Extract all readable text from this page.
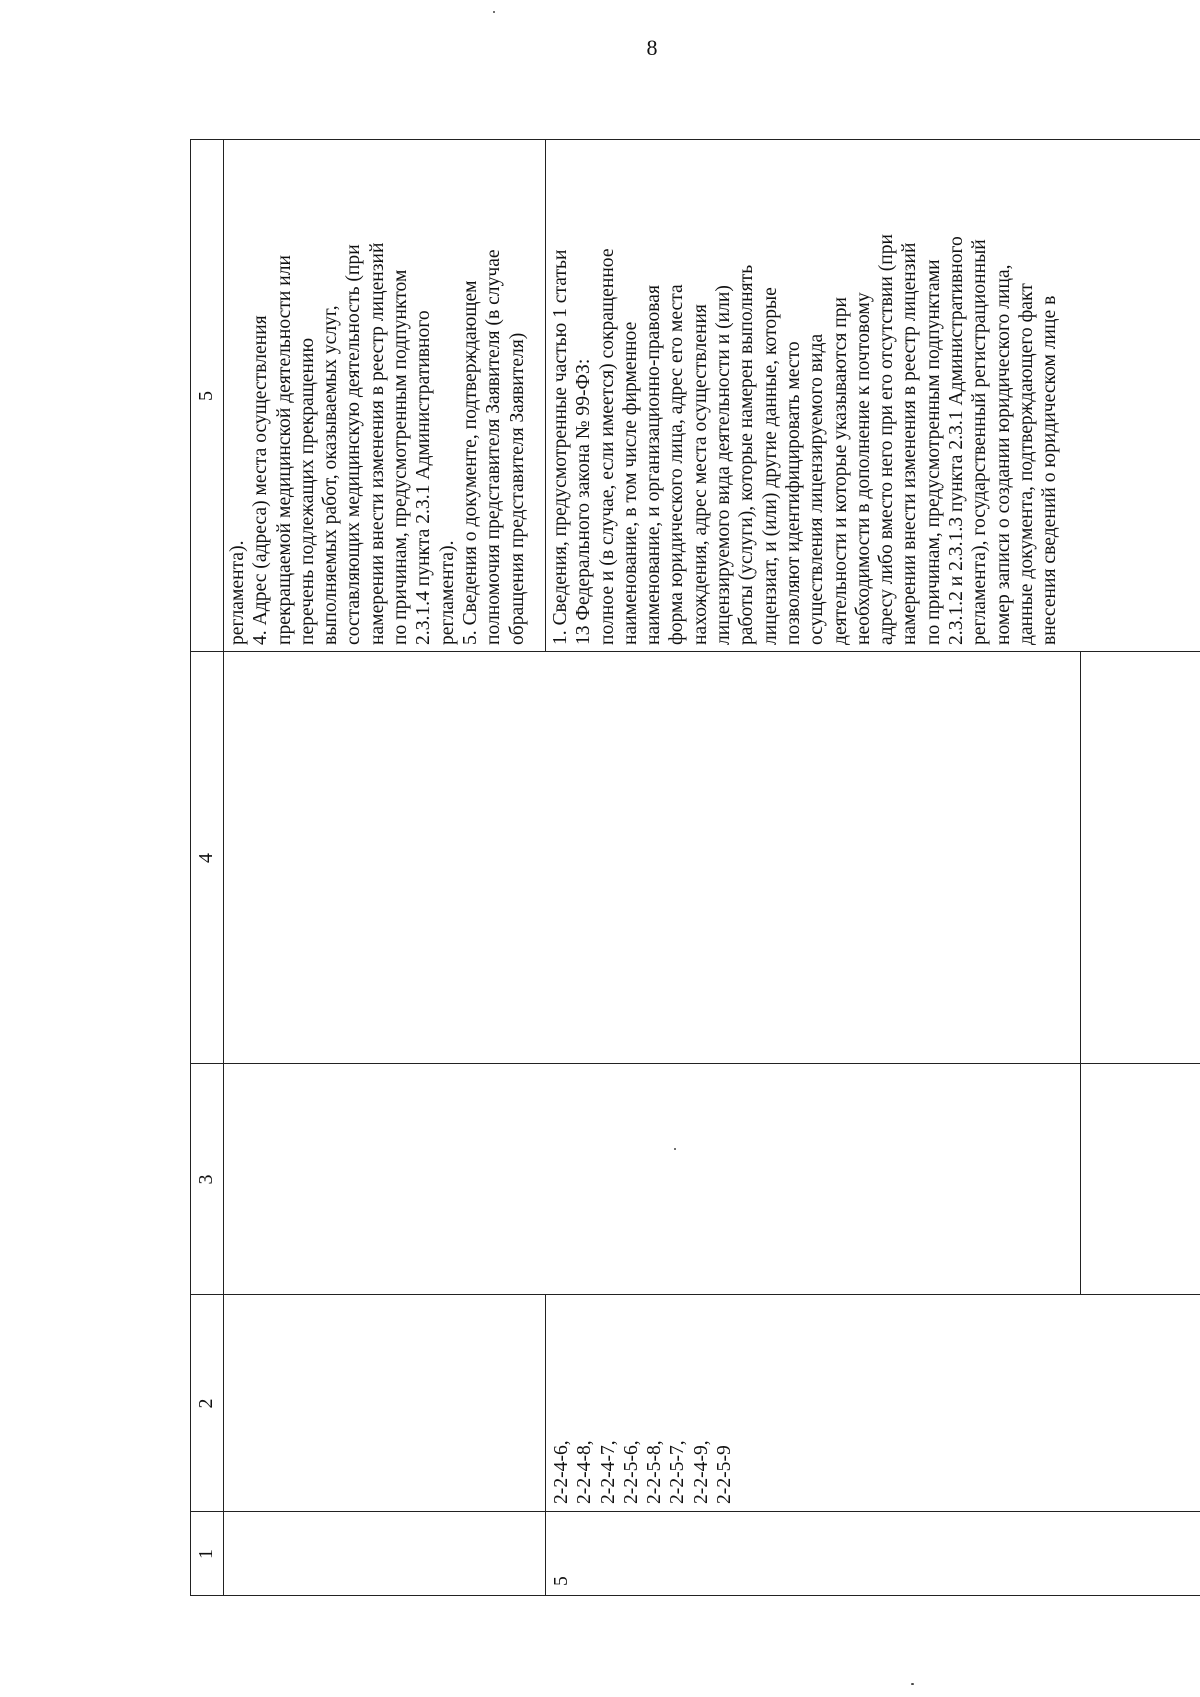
8
1
2
3
4
5
регламента). 4. Адрес (адреса) места осуществления прекращаемой медицинской деятельности или перечень подлежащих прекращению выполняемых работ, оказываемых услуг, составляющих медицинскую деятельность (при намерении внести изменения в реестр лицензий по причинам, предусмотренным подпунктом 2.3.1.4 пункта 2.3.1 Административного регламента). 5. Сведения о документе, подтверждающем полномочия представителя Заявителя (в случае обращения представителя Заявителя)
5
2-2-4-6, 2-2-4-8, 2-2-4-7, 2-2-5-6, 2-2-5-8, 2-2-5-7, 2-2-4-9, 2-2-5-9
1. Сведения, предусмотренные частью 1 статьи 13 Федерального закона № 99-ФЗ: полное и (в случае, если имеется) сокращенное наименование, в том числе фирменное наименование, и организационно-правовая форма юридического лица, адрес его места нахождения, адрес места осуществления лицензируемого вида деятельности и (или) работы (услуги), которые намерен выполнять лицензиат, и (или) другие данные, которые позволяют идентифицировать место осуществления лицензируемого вида деятельности и которые указываются при необходимости в дополнение к почтовому адресу либо вместо него при его отсутствии (при намерении внести изменения в реестр лицензий по причинам, предусмотренным подпунктами 2.3.1.2 и 2.3.1.3 пункта 2.3.1 Административного регламента), государственный регистрационный номер записи о создании юридического лица, данные документа, подтверждающего факт внесения сведений о юридическом лице в
